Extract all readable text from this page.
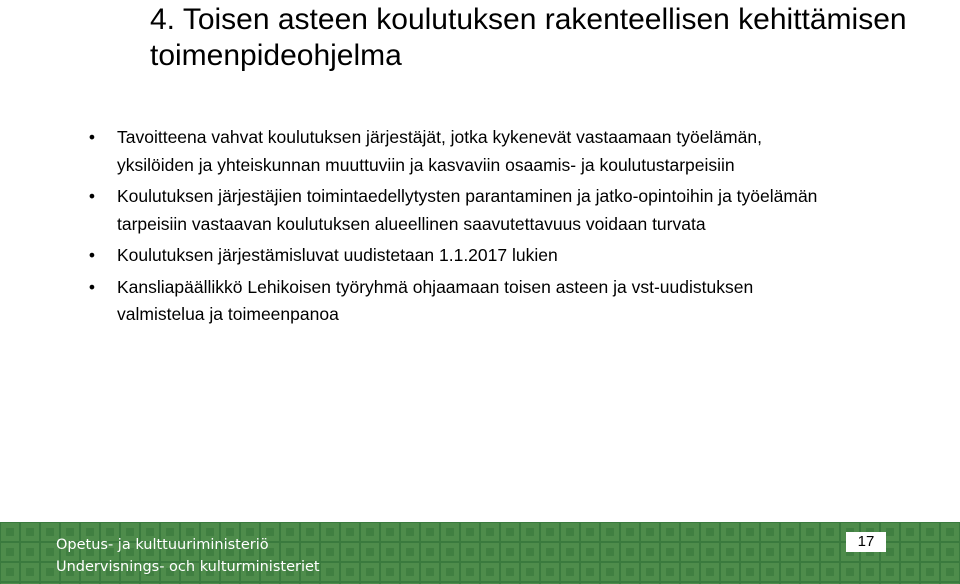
4. Toisen asteen koulutuksen rakenteellisen kehittämisen toimenpideohjelma
•	Tavoitteena vahvat koulutuksen järjestäjät, jotka kykenevät vastaamaan työelämän, yksilöiden ja yhteiskunnan muuttuviin ja kasvaviin osaamis- ja koulutustarpeisiin
•	Koulutuksen järjestäjien toimintaedellytysten parantaminen ja jatko-opintoihin ja työelämän tarpeisiin vastaavan koulutuksen alueellinen saavutettavuus voidaan turvata
•	Koulutuksen järjestämisluvat uudistetaan 1.1.2017 lukien
•	Kansliapäällikkö Lehikoisen työryhmä ohjaamaan toisen asteen ja vst-uudistuksen valmistelua ja toimeenpanoa
Opetus- ja kulttuuriministeriö
Undervisnings- och kulturministeriet
17
